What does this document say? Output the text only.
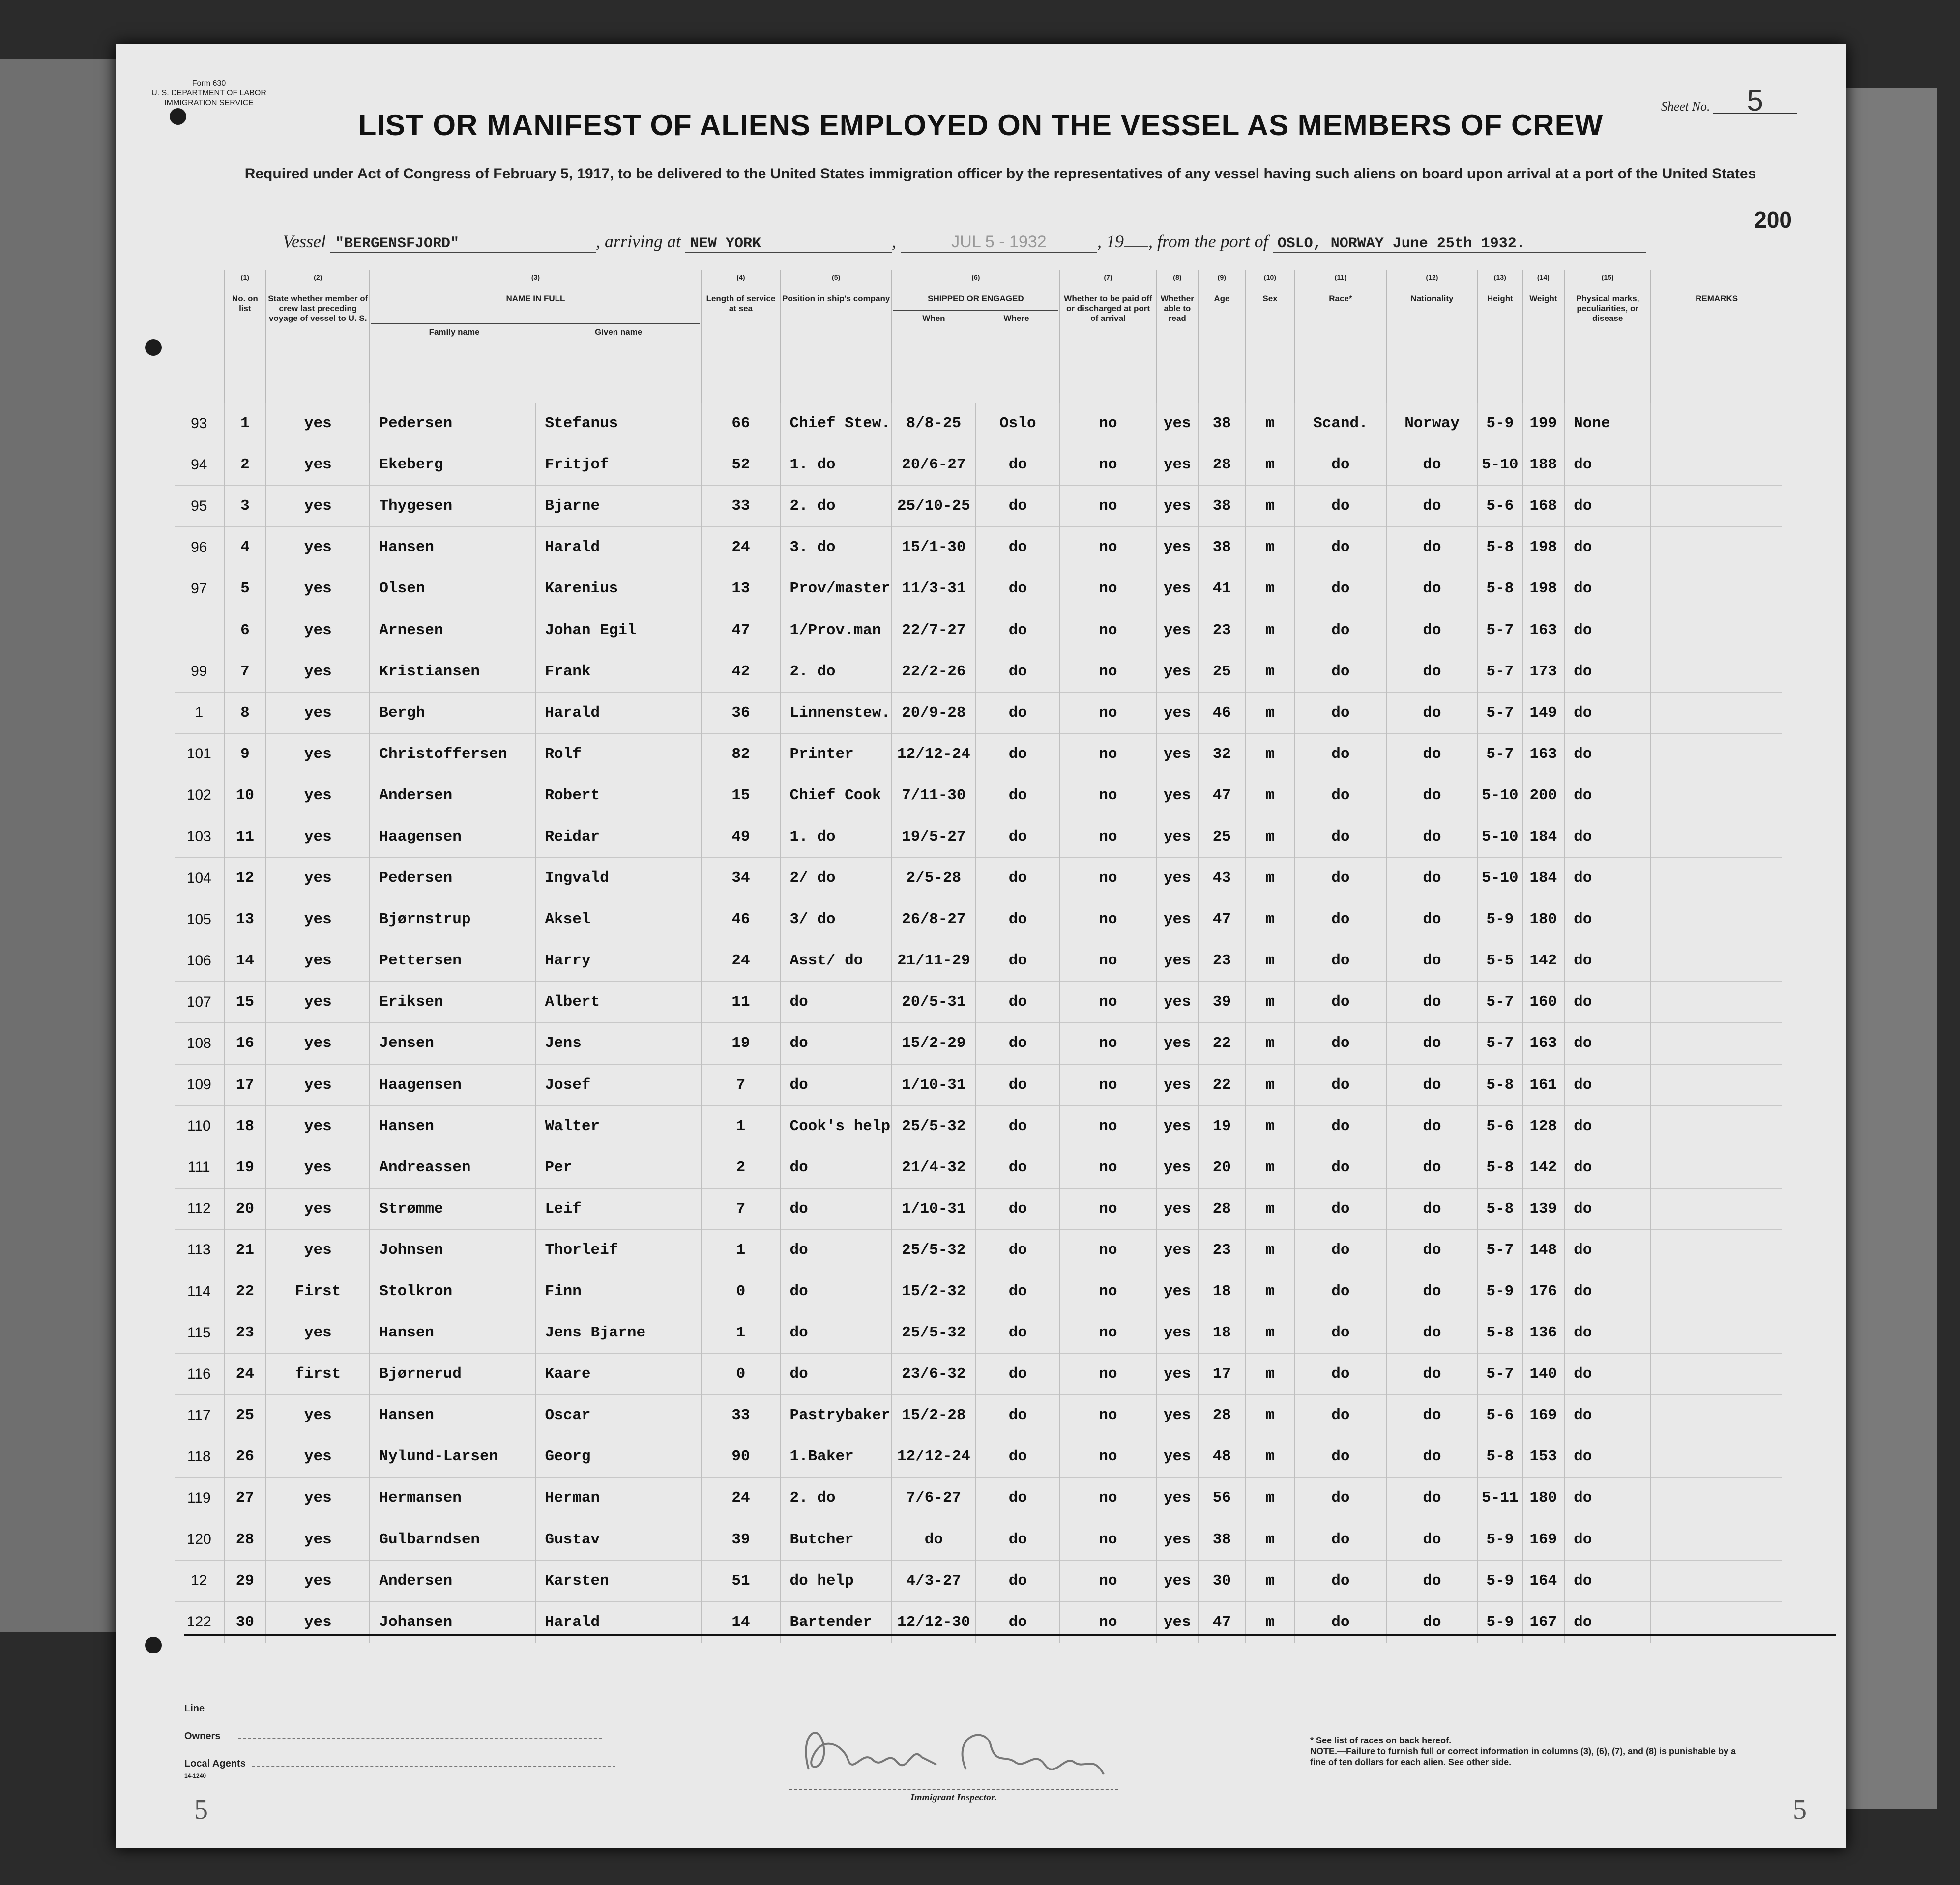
Form 630
U. S. DEPARTMENT OF LABOR
IMMIGRATION SERVICE	Sheet No. 5
LIST OR MANIFEST OF ALIENS EMPLOYED ON THE VESSEL AS MEMBERS OF CREW
Required under Act of Congress of February 5, 1917, to be delivered to the United States immigration officer by the representatives of any vessel having such aliens on board upon arrival at a port of the United States
200
Vessel "BERGENSFJORD"	, arriving at NEW YORK	,	JUL 5 - 1932	, 19 , from the port of OSLO, NORWAY June 25th 1932.

	(1)
No. on list	(2)
State whether member of crew last preceding voyage of vessel to U. S.	(3)
NAME IN FULL
Family name Given name		(4)
Length of service at sea	(5)
Position in ship's company	(6)
SHIPPED OR ENGAGED
When Where		(7)
Whether to be paid off or discharged at port of arrival	(8)
Whether able to read	(9)
Age	(10)
Sex	(11)
Race*	(12)
Nationality	(13)
Height	(14)
Weight	(15)
Physical marks, peculiarities, or disease	REMARKS
93	1	yes	Pedersen	Stefanus	66	Chief Stew.	8/8-25	Oslo	no	yes	38	m	Scand.	Norway	5-9	199	None	
94	2	yes	Ekeberg	Fritjof	52	1. do	20/6-27	do	no	yes	28	m	do	do	5-10	188	do	
95	3	yes	Thygesen	Bjarne	33	2. do	25/10-25	do	no	yes	38	m	do	do	5-6	168	do	
96	4	yes	Hansen	Harald	24	3. do	15/1-30	do	no	yes	38	m	do	do	5-8	198	do	
97	5	yes	Olsen	Karenius	13	Prov/master	11/3-31	do	no	yes	41	m	do	do	5-8	198	do	
	6	yes	Arnesen	Johan Egil	47	1/Prov.man	22/7-27	do	no	yes	23	m	do	do	5-7	163	do	
99	7	yes	Kristiansen	Frank	42	2. do	22/2-26	do	no	yes	25	m	do	do	5-7	173	do	
1	8	yes	Bergh	Harald	36	Linnenstew.	20/9-28	do	no	yes	46	m	do	do	5-7	149	do	
101	9	yes	Christoffersen	Rolf	82	Printer	12/12-24	do	no	yes	32	m	do	do	5-7	163	do	
102	10	yes	Andersen	Robert	15	Chief Cook	7/11-30	do	no	yes	47	m	do	do	5-10	200	do	
103	11	yes	Haagensen	Reidar	49	1. do	19/5-27	do	no	yes	25	m	do	do	5-10	184	do	
104	12	yes	Pedersen	Ingvald	34	2/ do	2/5-28	do	no	yes	43	m	do	do	5-10	184	do	
105	13	yes	Bjørnstrup	Aksel	46	3/ do	26/8-27	do	no	yes	47	m	do	do	5-9	180	do	
106	14	yes	Pettersen	Harry	24	Asst/ do	21/11-29	do	no	yes	23	m	do	do	5-5	142	do	
107	15	yes	Eriksen	Albert	11	do	20/5-31	do	no	yes	39	m	do	do	5-7	160	do	
108	16	yes	Jensen	Jens	19	do	15/2-29	do	no	yes	22	m	do	do	5-7	163	do	
109	17	yes	Haagensen	Josef	7	do	1/10-31	do	no	yes	22	m	do	do	5-8	161	do	
110	18	yes	Hansen	Walter	1	Cook's help	25/5-32	do	no	yes	19	m	do	do	5-6	128	do	
111	19	yes	Andreassen	Per	2	do	21/4-32	do	no	yes	20	m	do	do	5-8	142	do	
112	20	yes	Strømme	Leif	7	do	1/10-31	do	no	yes	28	m	do	do	5-8	139	do	
113	21	yes	Johnsen	Thorleif	1	do	25/5-32	do	no	yes	23	m	do	do	5-7	148	do	
114	22	First	Stolkron	Finn	0	do	15/2-32	do	no	yes	18	m	do	do	5-9	176	do	
115	23	yes	Hansen	Jens Bjarne	1	do	25/5-32	do	no	yes	18	m	do	do	5-8	136	do	
116	24	first	Bjørnerud	Kaare	0	do	23/6-32	do	no	yes	17	m	do	do	5-7	140	do	
117	25	yes	Hansen	Oscar	33	Pastrybaker	15/2-28	do	no	yes	28	m	do	do	5-6	169	do	
118	26	yes	Nylund-Larsen	Georg	90	1.Baker	12/12-24	do	no	yes	48	m	do	do	5-8	153	do	
119	27	yes	Hermansen	Herman	24	2. do	7/6-27	do	no	yes	56	m	do	do	5-11	180	do	
120	28	yes	Gulbarndsen	Gustav	39	Butcher	do	do	no	yes	38	m	do	do	5-9	169	do	
12	29	yes	Andersen	Karsten	51	do help	4/3-27	do	no	yes	30	m	do	do	5-9	164	do	
122	30	yes	Johansen	Harald	14	Bartender	12/12-30	do	no	yes	47	m	do	do	5-9	167	do	
Line
Owners
Local Agents
14-1240
Immigrant Inspector.
* See list of races on back hereof.
NOTE.—Failure to furnish full or correct information in columns (3), (6), (7), and (8) is punishable by a fine of ten dollars for each alien. See other side.
5	5
